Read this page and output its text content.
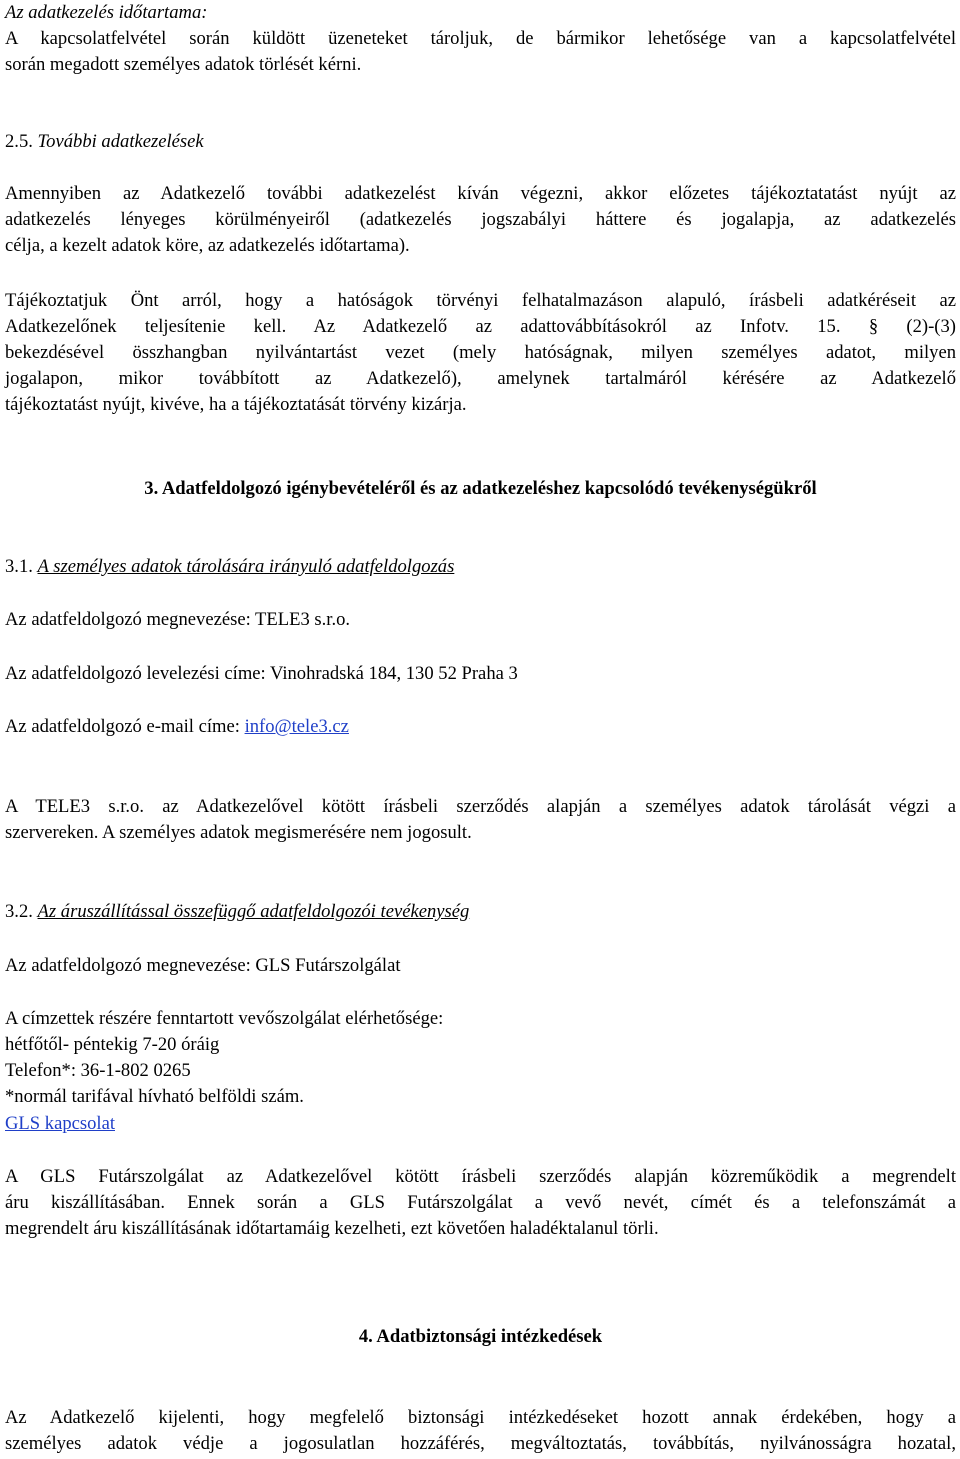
Az adatkezelés időtartama:

A kapcsolatfelvétel során küldött üzeneteket tároljuk, de bármikor lehetősége van a kapcsolatfelvétel

során megadott személyes adatok törlését kérni.

2.5. További adatkezelések

Amennyiben az Adatkezelő további adatkezelést kíván végezni, akkor előzetes tájékoztatatást nyújt az

adatkezelés lényeges körülményeiről (adatkezelés jogszabályi háttere és jogalapja, az adatkezelés

célja, a kezelt adatok köre, az adatkezelés időtartama).

Tájékoztatjuk Önt arról, hogy a hatóságok törvényi felhatalmazáson alapuló, írásbeli adatkéréseit az

Adatkezelőnek teljesítenie kell. Az Adatkezelő az adattovábbításokról az Infotv. 15. § (2)-(3)

bekezdésével összhangban nyilvántartást vezet (mely hatóságnak, milyen személyes adatot, milyen

jogalapon, mikor továbbított az Adatkezelő), amelynek tartalmáról kérésére az Adatkezelő

tájékoztatást nyújt, kivéve, ha a tájékoztatását törvény kizárja.

3. Adatfeldolgozó igénybevételéről és az adatkezeléshez kapcsolódó tevékenységükről
3.1. A személyes adatok tárolására irányuló adatfeldolgozás
Az adatfeldolgozó megnevezése: TELE3 s.r.o.
Az adatfeldolgozó levelezési címe: Vinohradská 184, 130 52 Praha 3
Az adatfeldolgozó e-mail címe: info@tele3.cz

A TELE3 s.r.o. az Adatkezelővel kötött írásbeli szerződés alapján a személyes adatok tárolását végzi a

szervereken. A személyes adatok megismerésére nem jogosult.

3.2. Az áruszállítással összefüggő adatfeldolgozói tevékenység
Az adatfeldolgozó megnevezése: GLS Futárszolgálat
A címzettek részére fenntartott vevőszolgálat elérhetősége:
hétfőtől- péntekig 7-20 óráig
Telefon*: 36-1-802 0265
*normál tarifával hívható belföldi szám.
GLS kapcsolat

A GLS Futárszolgálat az Adatkezelővel kötött írásbeli szerződés alapján közreműködik a megrendelt

áru kiszállításában. Ennek során a GLS Futárszolgálat a vevő nevét, címét és a telefonszámát a

megrendelt áru kiszállításának időtartamáig kezelheti, ezt követően haladéktalanul törli.

4. Adatbiztonsági intézkedések

Az Adatkezelő kijelenti, hogy megfelelő biztonsági intézkedéseket hozott annak érdekében, hogy a

személyes adatok védje a jogosulatlan hozzáférés, megváltoztatás, továbbítás, nyilvánosságra hozatal,
